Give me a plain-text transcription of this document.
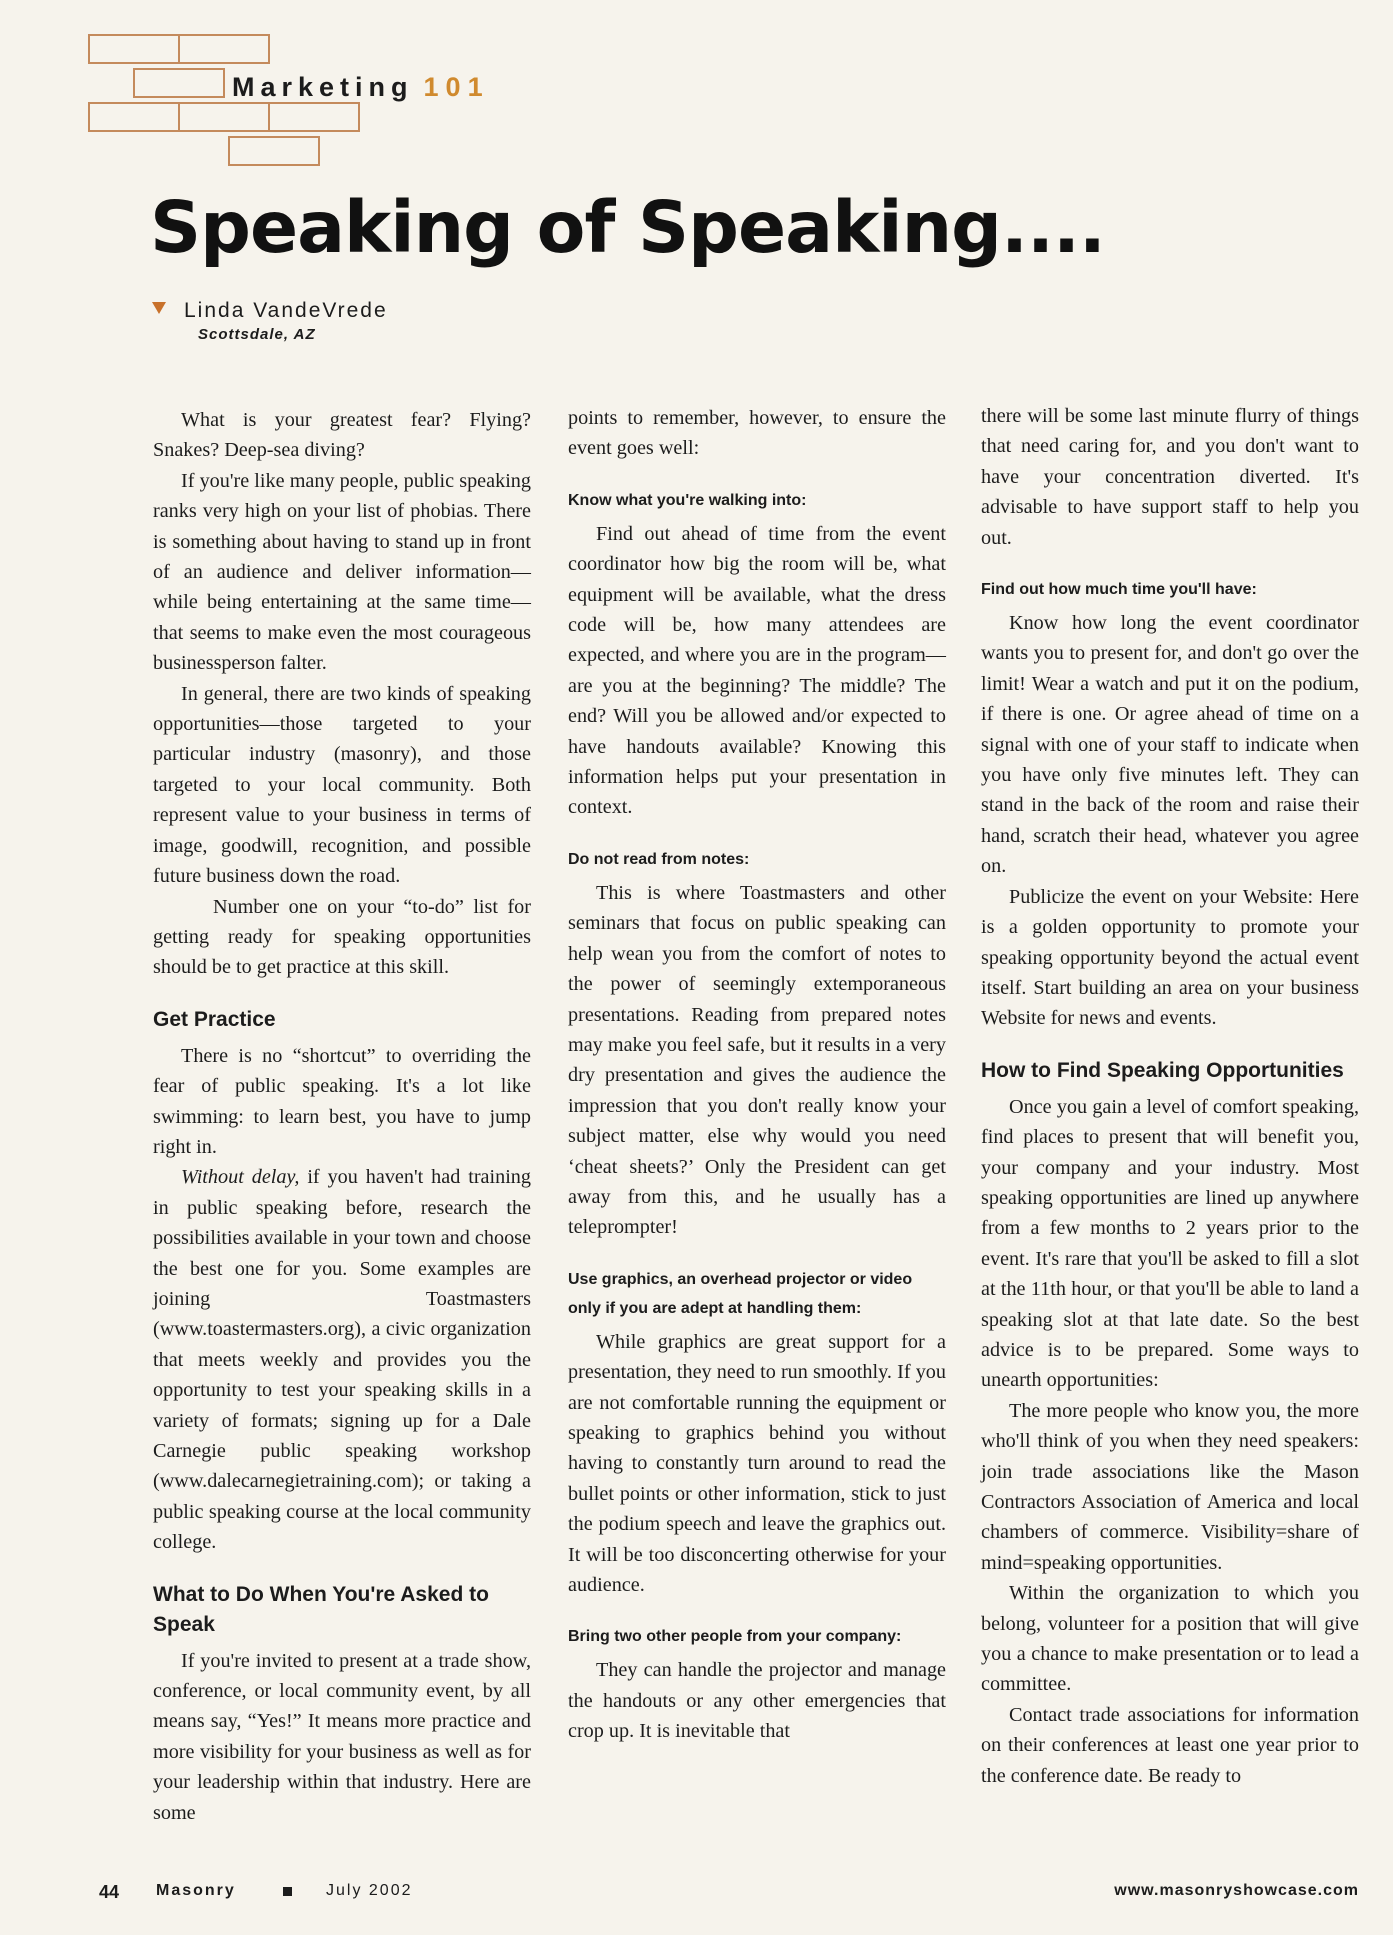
Marketing 101
Speaking of Speaking....
Linda VandeVrede
Scottsdale, AZ

What is your greatest fear? Flying? Snakes? Deep-sea diving?

If you're like many people, public speaking ranks very high on your list of phobias. There is something about having to stand up in front of an audience and deliver information—while being entertaining at the same time—that seems to make even the most courageous businessperson falter.

In general, there are two kinds of speaking opportunities—those targeted to your particular industry (masonry), and those targeted to your local community. Both represent value to your business in terms of image, goodwill, recognition, and possible future business down the road.

Number one on your “to-do” list for getting ready for speaking opportunities should be to get practice at this skill.

Get Practice

There is no “shortcut” to overriding the fear of public speaking. It's a lot like swimming: to learn best, you have to jump right in.

Without delay, if you haven't had training in public speaking before, research the possibilities available in your town and choose the best one for you. Some examples are joining Toastmasters (www.toastermasters.org), a civic organization that meets weekly and provides you the opportunity to test your speaking skills in a variety of formats; signing up for a Dale Carnegie public speaking workshop (www.dalecarnegietraining.com); or taking a public speaking course at the local community college.

What to Do When You're Asked to Speak

If you're invited to present at a trade show, conference, or local community event, by all means say, “Yes!” It means more practice and more visibility for your business as well as for your leadership within that industry. Here are some

points to remember, however, to ensure the event goes well:

Know what you're walking into:

Find out ahead of time from the event coordinator how big the room will be, what equipment will be available, what the dress code will be, how many attendees are expected, and where you are in the program—are you at the beginning? The middle? The end? Will you be allowed and/or expected to have handouts available? Knowing this information helps put your presentation in context.

Do not read from notes:

This is where Toastmasters and other seminars that focus on public speaking can help wean you from the comfort of notes to the power of seemingly extemporaneous presentations. Reading from prepared notes may make you feel safe, but it results in a very dry presentation and gives the audience the impression that you don't really know your subject matter, else why would you need ‘cheat sheets?’ Only the President can get away from this, and he usually has a teleprompter!

Use graphics, an overhead projector or video only if you are adept at handling them:

While graphics are great support for a presentation, they need to run smoothly. If you are not comfortable running the equipment or speaking to graphics behind you without having to constantly turn around to read the bullet points or other information, stick to just the podium speech and leave the graphics out. It will be too disconcerting otherwise for your audience.

Bring two other people from your company:

They can handle the projector and manage the handouts or any other emergencies that crop up. It is inevitable that

there will be some last minute flurry of things that need caring for, and you don't want to have your concentration diverted. It's advisable to have support staff to help you out.

Find out how much time you'll have:

Know how long the event coordinator wants you to present for, and don't go over the limit! Wear a watch and put it on the podium, if there is one. Or agree ahead of time on a signal with one of your staff to indicate when you have only five minutes left. They can stand in the back of the room and raise their hand, scratch their head, whatever you agree on.

Publicize the event on your Website: Here is a golden opportunity to promote your speaking opportunity beyond the actual event itself. Start building an area on your business Website for news and events.

How to Find Speaking Opportunities

Once you gain a level of comfort speaking, find places to present that will benefit you, your company and your industry. Most speaking opportunities are lined up anywhere from a few months to 2 years prior to the event. It's rare that you'll be asked to fill a slot at the 11th hour, or that you'll be able to land a speaking slot at that late date. So the best advice is to be prepared. Some ways to unearth opportunities:

The more people who know you, the more who'll think of you when they need speakers: join trade associations like the Mason Contractors Association of America and local chambers of commerce. Visibility=share of mind=speaking opportunities.

Within the organization to which you belong, volunteer for a position that will give you a chance to make presentation or to lead a committee.

Contact trade associations for information on their conferences at least one year prior to the conference date. Be ready to

44 Masonry	July 2002	www.masonryshowcase.com
